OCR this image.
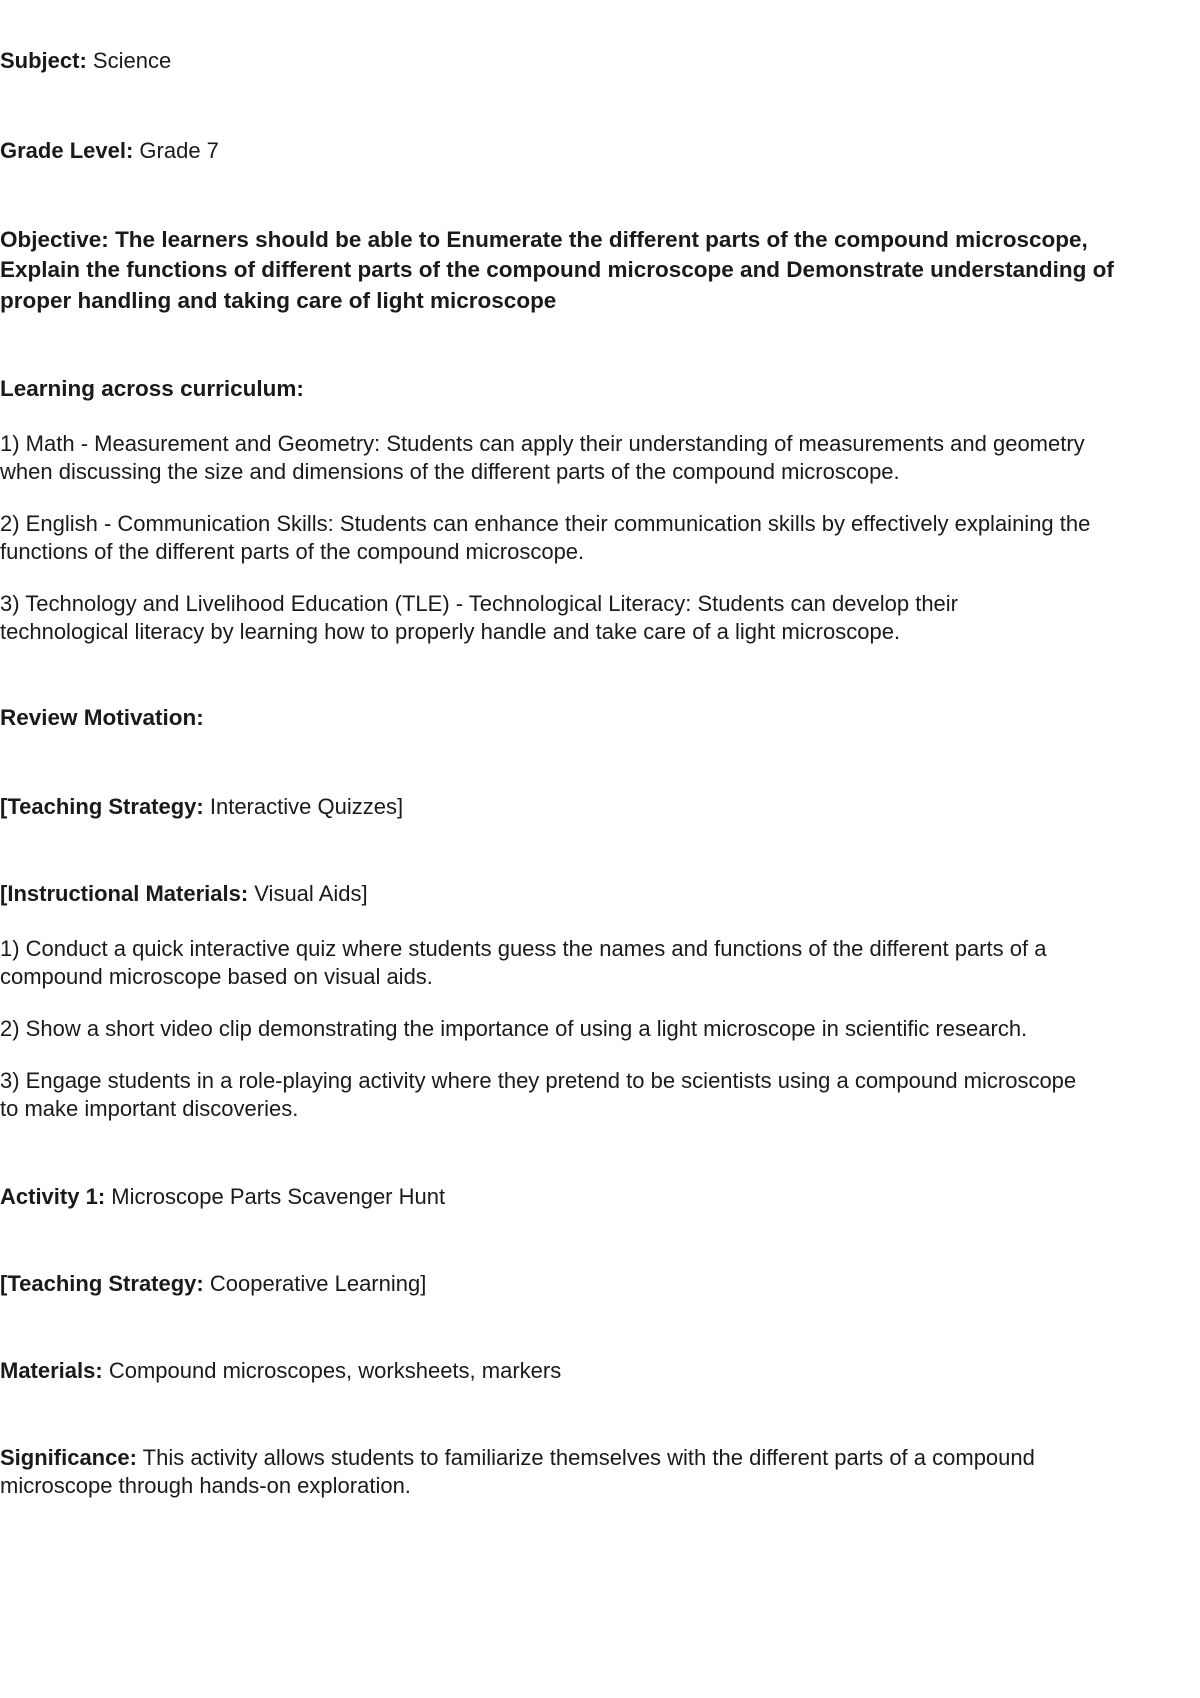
Subject: Science
Grade Level: Grade 7
Objective: The learners should be able to Enumerate the different parts of the compound microscope,
Explain the functions of different parts of the compound microscope and Demonstrate understanding of
proper handling and taking care of light microscope
Learning across curriculum:
1) Math - Measurement and Geometry: Students can apply their understanding of measurements and geometry
when discussing the size and dimensions of the different parts of the compound microscope.
2) English - Communication Skills: Students can enhance their communication skills by effectively explaining the
functions of the different parts of the compound microscope.
3) Technology and Livelihood Education (TLE) - Technological Literacy: Students can develop their
technological literacy by learning how to properly handle and take care of a light microscope.
Review Motivation:
[Teaching Strategy: Interactive Quizzes]
[Instructional Materials: Visual Aids]
1) Conduct a quick interactive quiz where students guess the names and functions of the different parts of a
compound microscope based on visual aids.
2) Show a short video clip demonstrating the importance of using a light microscope in scientific research.
3) Engage students in a role-playing activity where they pretend to be scientists using a compound microscope
to make important discoveries.
Activity 1: Microscope Parts Scavenger Hunt
[Teaching Strategy: Cooperative Learning]
Materials: Compound microscopes, worksheets, markers
Significance: This activity allows students to familiarize themselves with the different parts of a compound
microscope through hands-on exploration.
